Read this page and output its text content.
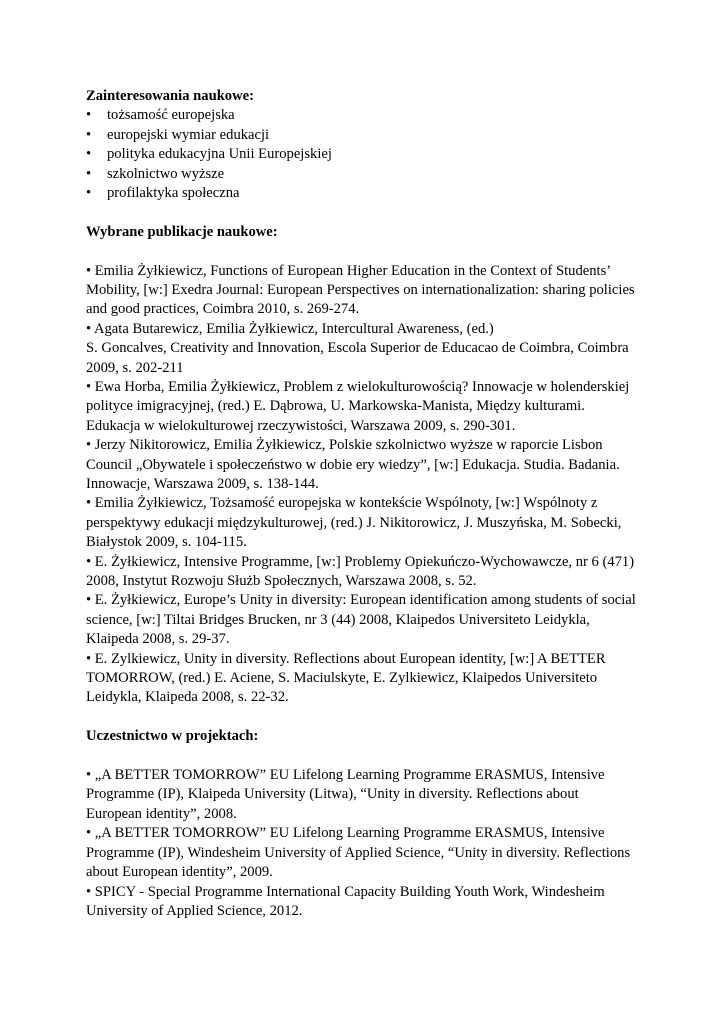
Zainteresowania naukowe:
• tożsamość europejska
• europejski wymiar edukacji
• polityka edukacyjna Unii Europejskiej
• szkolnictwo wyższe
• profilaktyka społeczna
Wybrane publikacje naukowe:

• Emilia Żyłkiewicz, Functions of European Higher Education in the Context of Students’
Mobility, [w:] Exedra Journal: European Perspectives on internationalization: sharing policies
and good practices, Coimbra 2010, s. 269-274.

• Agata Butarewicz, Emilia Żyłkiewicz, Intercultural Awareness, (ed.)
S. Goncalves, Creativity and Innovation, Escola Superior de Educacao de Coimbra, Coimbra
2009, s. 202-211

• Ewa Horba, Emilia Żyłkiewicz, Problem z wielokulturowością? Innowacje w holenderskiej
polityce imigracyjnej, (red.) E. Dąbrowa, U. Markowska-Manista, Między kulturami.
Edukacja w wielokulturowej rzeczywistości, Warszawa 2009, s. 290-301.

• Jerzy Nikitorowicz, Emilia Żyłkiewicz, Polskie szkolnictwo wyższe w raporcie Lisbon
Council „Obywatele i społeczeństwo w dobie ery wiedzy”, [w:] Edukacja. Studia. Badania.
Innowacje, Warszawa 2009, s. 138-144.

• Emilia Żyłkiewicz, Tożsamość europejska w kontekście Wspólnoty, [w:] Wspólnoty z
perspektywy edukacji międzykulturowej, (red.) J. Nikitorowicz, J. Muszyńska, M. Sobecki,
Białystok 2009, s. 104-115.

• E. Żyłkiewicz, Intensive Programme, [w:] Problemy Opiekuńczo-Wychowawcze, nr 6 (471)
2008, Instytut Rozwoju Służb Społecznych, Warszawa 2008, s. 52.

• E. Żyłkiewicz, Europe’s Unity in diversity: European identification among students of social
science, [w:] Tiltai Bridges Brucken, nr 3 (44) 2008, Klaipedos Universiteto Leidykla,
Klaipeda 2008, s. 29-37.

• E. Zylkiewicz, Unity in diversity. Reflections about European identity, [w:] A BETTER
TOMORROW, (red.) E. Aciene, S. Maciulskyte, E. Zylkiewicz, Klaipedos Universiteto
Leidykla, Klaipeda 2008, s. 22-32.

Uczestnictwo w projektach:

• „A BETTER TOMORROW” EU Lifelong Learning Programme ERASMUS, Intensive
Programme (IP), Klaipeda University (Litwa), “Unity in diversity. Reflections about
European identity”, 2008.

• „A BETTER TOMORROW” EU Lifelong Learning Programme ERASMUS, Intensive
Programme (IP), Windesheim University of Applied Science, “Unity in diversity. Reflections
about European identity”, 2009.

• SPICY - Special Programme International Capacity Building Youth Work, Windesheim
University of Applied Science, 2012.
